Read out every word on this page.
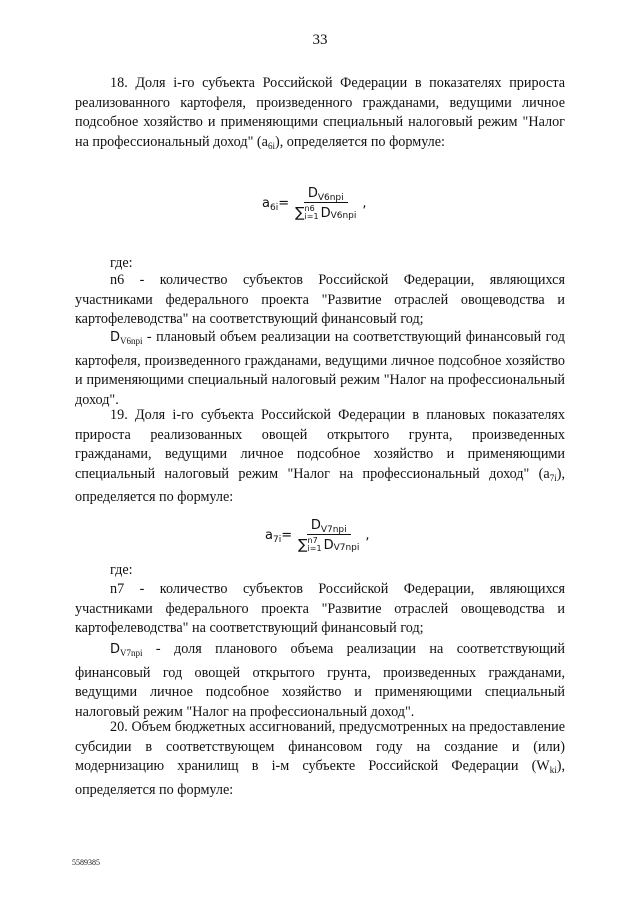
33

18. Доля i-го субъекта Российской Федерации в показателях прироста реализованного картофеля, произведенного гражданами, ведущими личное подсобное хозяйство и применяющими специальный налоговый режим "Налог на профессиональный доход" $(a_{6i})$, определяется по формуле:

$a_{6i} = D_{V6npi}$
∑ n6
i=1 D V6npi ,

где:

n6 - количество субъектов Российской Федерации, являющихся участниками федерального проекта "Развитие отраслей овощеводства и картофелеводства" на соответствующий финансовый год;

$D_{V6npi}$ - плановый объем реализации на соответствующий финансовый год картофеля, произведенного гражданами, ведущими личное подсобное хозяйство и применяющими специальный налоговый режим "Налог на профессиональный доход".

19. Доля i-го субъекта Российской Федерации в плановых показателях прироста реализованных овощей открытого грунта, произведенных гражданами, ведущими личное подсобное хозяйство и применяющими специальный налоговый режим "Налог на профессиональный доход" $(a_{7i})$, определяется по формуле:

$a_{7i} = D_{V7npi}$
∑ n7
i=1 D V7npi ,

где:

n7 - количество субъектов Российской Федерации, являющихся участниками федерального проекта "Развитие отраслей овощеводства и картофелеводства" на соответствующий финансовый год;

$D_{V7npi}$ - доля планового объема реализации на соответствующий финансовый год овощей открытого грунта, произведенных гражданами, ведущими личное подсобное хозяйство и применяющими специальный налоговый режим "Налог на профессиональный доход".

20. Объем бюджетных ассигнований, предусмотренных на предоставление субсидии в соответствующем финансовом году на создание и (или) модернизацию хранилищ в i-м субъекте Российской Федерации $(W_{ki})$, определяется по формуле:

5589385
